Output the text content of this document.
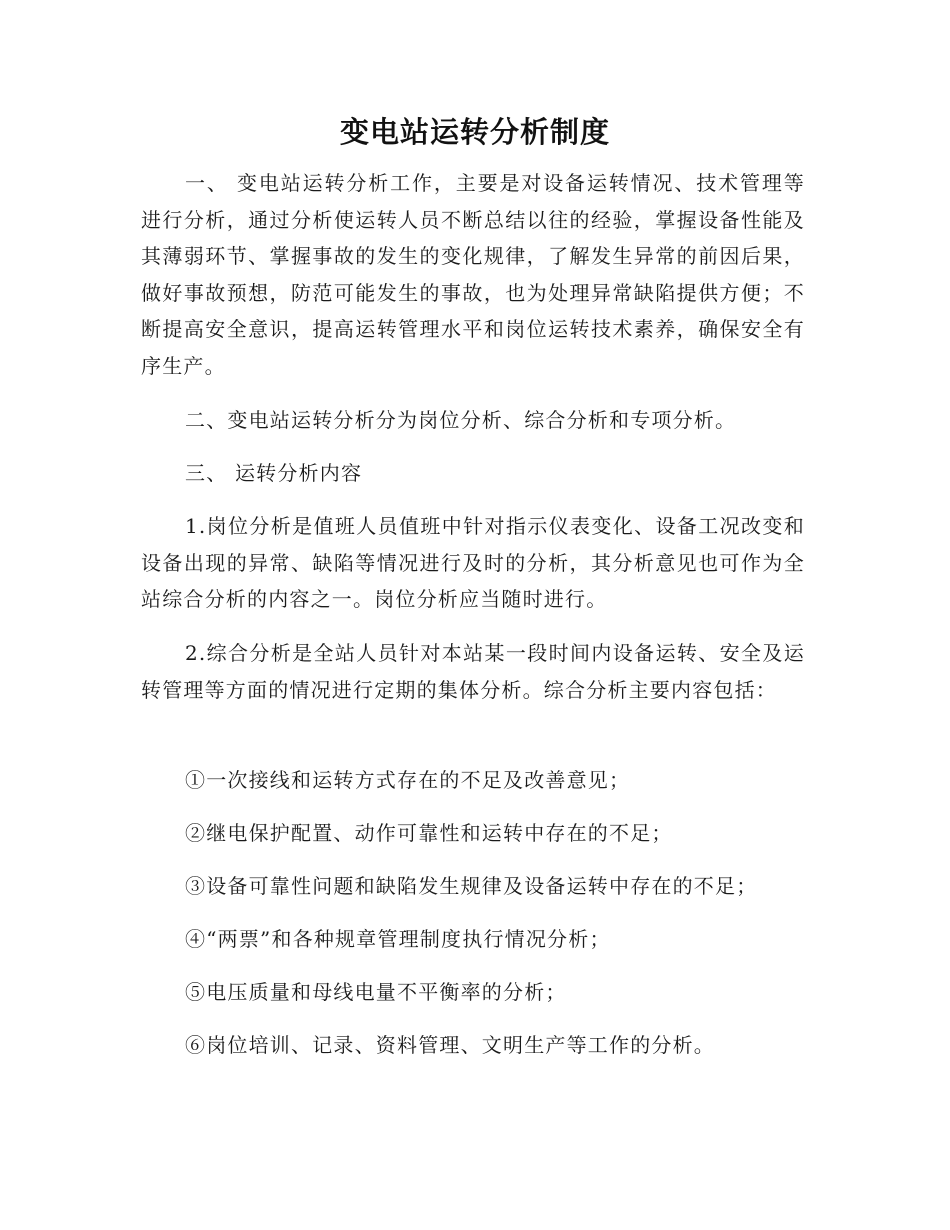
变电站运转分析制度

一、 变电站运转分析工作，主要是对设备运转情况、技术管理等进行分析，通过分析使运转人员不断总结以往的经验，掌握设备性能及其薄弱环节、掌握事故的发生的变化规律，了解发生异常的前因后果，做好事故预想，防范可能发生的事故，也为处理异常缺陷提供方便；不断提高安全意识，提高运转管理水平和岗位运转技术素养，确保安全有序生产。

二、变电站运转分析分为岗位分析、综合分析和专项分析。

三、 运转分析内容

1.岗位分析是值班人员值班中针对指示仪表变化、设备工况改变和设备出现的异常、缺陷等情况进行及时的分析，其分析意见也可作为全站综合分析的内容之一。岗位分析应当随时进行。

2.综合分析是全站人员针对本站某一段时间内设备运转、安全及运转管理等方面的情况进行定期的集体分析。综合分析主要内容包括：

①一次接线和运转方式存在的不足及改善意见；

②继电保护配置、动作可靠性和运转中存在的不足；

③设备可靠性问题和缺陷发生规律及设备运转中存在的不足；

④“两票”和各种规章管理制度执行情况分析；

⑤电压质量和母线电量不平衡率的分析；

⑥岗位培训、记录、资料管理、文明生产等工作的分析。
